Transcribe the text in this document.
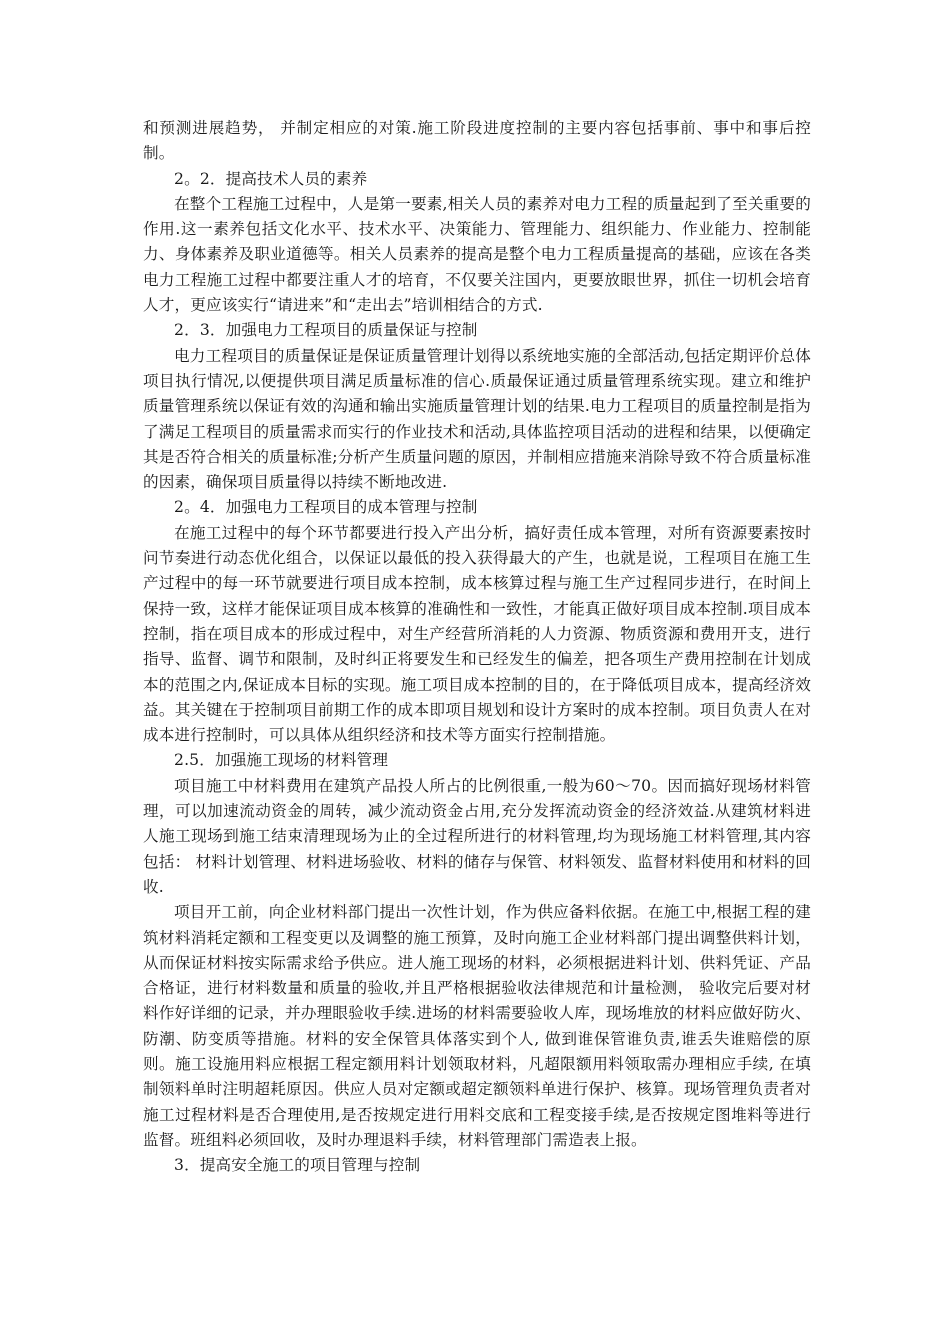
和预测进展趋势， 并制定相应的对策.施工阶段进度控制的主要内容包括事前、事中和事后控制。

2。2．提高技术人员的素养

在整个工程施工过程中，人是第一要素,相关人员的素养对电力工程的质量起到了至关重要的作用.这一素养包括文化水平、技术水平、决策能力、管理能力、组织能力、作业能力、控制能力、身体素养及职业道德等。相关人员素养的提高是整个电力工程质量提高的基础，应该在各类电力工程施工过程中都要注重人才的培育，不仅要关注国内，更要放眼世界，抓住一切机会培育人才，更应该实行“请进来”和“走出去”培训相结合的方式.

2．3．加强电力工程项目的质量保证与控制

电力工程项目的质量保证是保证质量管理计划得以系统地实施的全部活动,包括定期评价总体项目执行情况,以便提供项目满足质量标准的信心.质最保证通过质量管理系统实现。建立和维护质量管理系统以保证有效的沟通和输出实施质量管理计划的结果.电力工程项目的质量控制是指为了满足工程项目的质量需求而实行的作业技术和活动,具体监控项目活动的进程和结果，以便确定其是否符合相关的质量标准;分析产生质量问题的原因，并制相应措施来消除导致不符合质量标准的因素，确保项目质量得以持续不断地改进.

2。4．加强电力工程项目的成本管理与控制

在施工过程中的每个环节都要进行投入产出分析，搞好责任成本管理，对所有资源要素按时问节奏进行动态优化组合，以保证以最低的投入获得最大的产生，也就是说，工程项目在施工生产过程中的每一环节就要进行项目成本控制，成本核算过程与施工生产过程同步进行，在时间上保持一致，这样才能保证项目成本核算的准确性和一致性，才能真正做好项目成本控制.项目成本控制，指在项目成本的形成过程中，对生产经营所消耗的人力资源、物质资源和费用开支，进行指导、监督、调节和限制，及时纠正将要发生和已经发生的偏差，把各项生产费用控制在计划成本的范围之内,保证成本目标的实现。施工项目成本控制的目的，在于降低项目成本，提高经济效益。其关键在于控制项目前期工作的成本即项目规划和设计方案时的成本控制。项目负责人在对成本进行控制时，可以具体从组织经济和技术等方面实行控制措施。

2.5．加强施工现场的材料管理

项目施工中材料费用在建筑产品投人所占的比例很重,一般为60～70。因而搞好现场材料管理，可以加速流动资金的周转，减少流动资金占用,充分发挥流动资金的经济效益.从建筑材料进人施工现场到施工结束清理现场为止的全过程所进行的材料管理,均为现场施工材料管理,其内容包括： 材料计划管理、材料进场验收、材料的储存与保管、材料领发、监督材料使用和材料的回收.

项目开工前，向企业材料部门提出一次性计划，作为供应备料依据。在施工中,根据工程的建筑材料消耗定额和工程变更以及调整的施工预算，及时向施工企业材料部门提出调整供料计划，从而保证材料按实际需求给予供应。进人施工现场的材料，必须根据进料计划、供料凭证、产品合格证，进行材料数量和质量的验收,并且严格根据验收法律规范和计量检测， 验收完后要对材料作好详细的记录，并办理眼验收手续.进场的材料需要验收人库，现场堆放的材料应做好防火、防潮、防变质等措施。材料的安全保管具体落实到个人, 做到谁保管谁负责,谁丢失谁赔偿的原则。施工设施用料应根据工程定额用料计划领取材料，凡超限额用料领取需办理相应手续, 在填制领料单时注明超耗原因。供应人员对定额或超定额领料单进行保护、核算。现场管理负责者对施工过程材料是否合理使用,是否按规定进行用料交底和工程变接手续,是否按规定图堆料等进行监督。班组料必须回收，及时办理退料手续，材料管理部门需造表上报。

3．提高安全施工的项目管理与控制
